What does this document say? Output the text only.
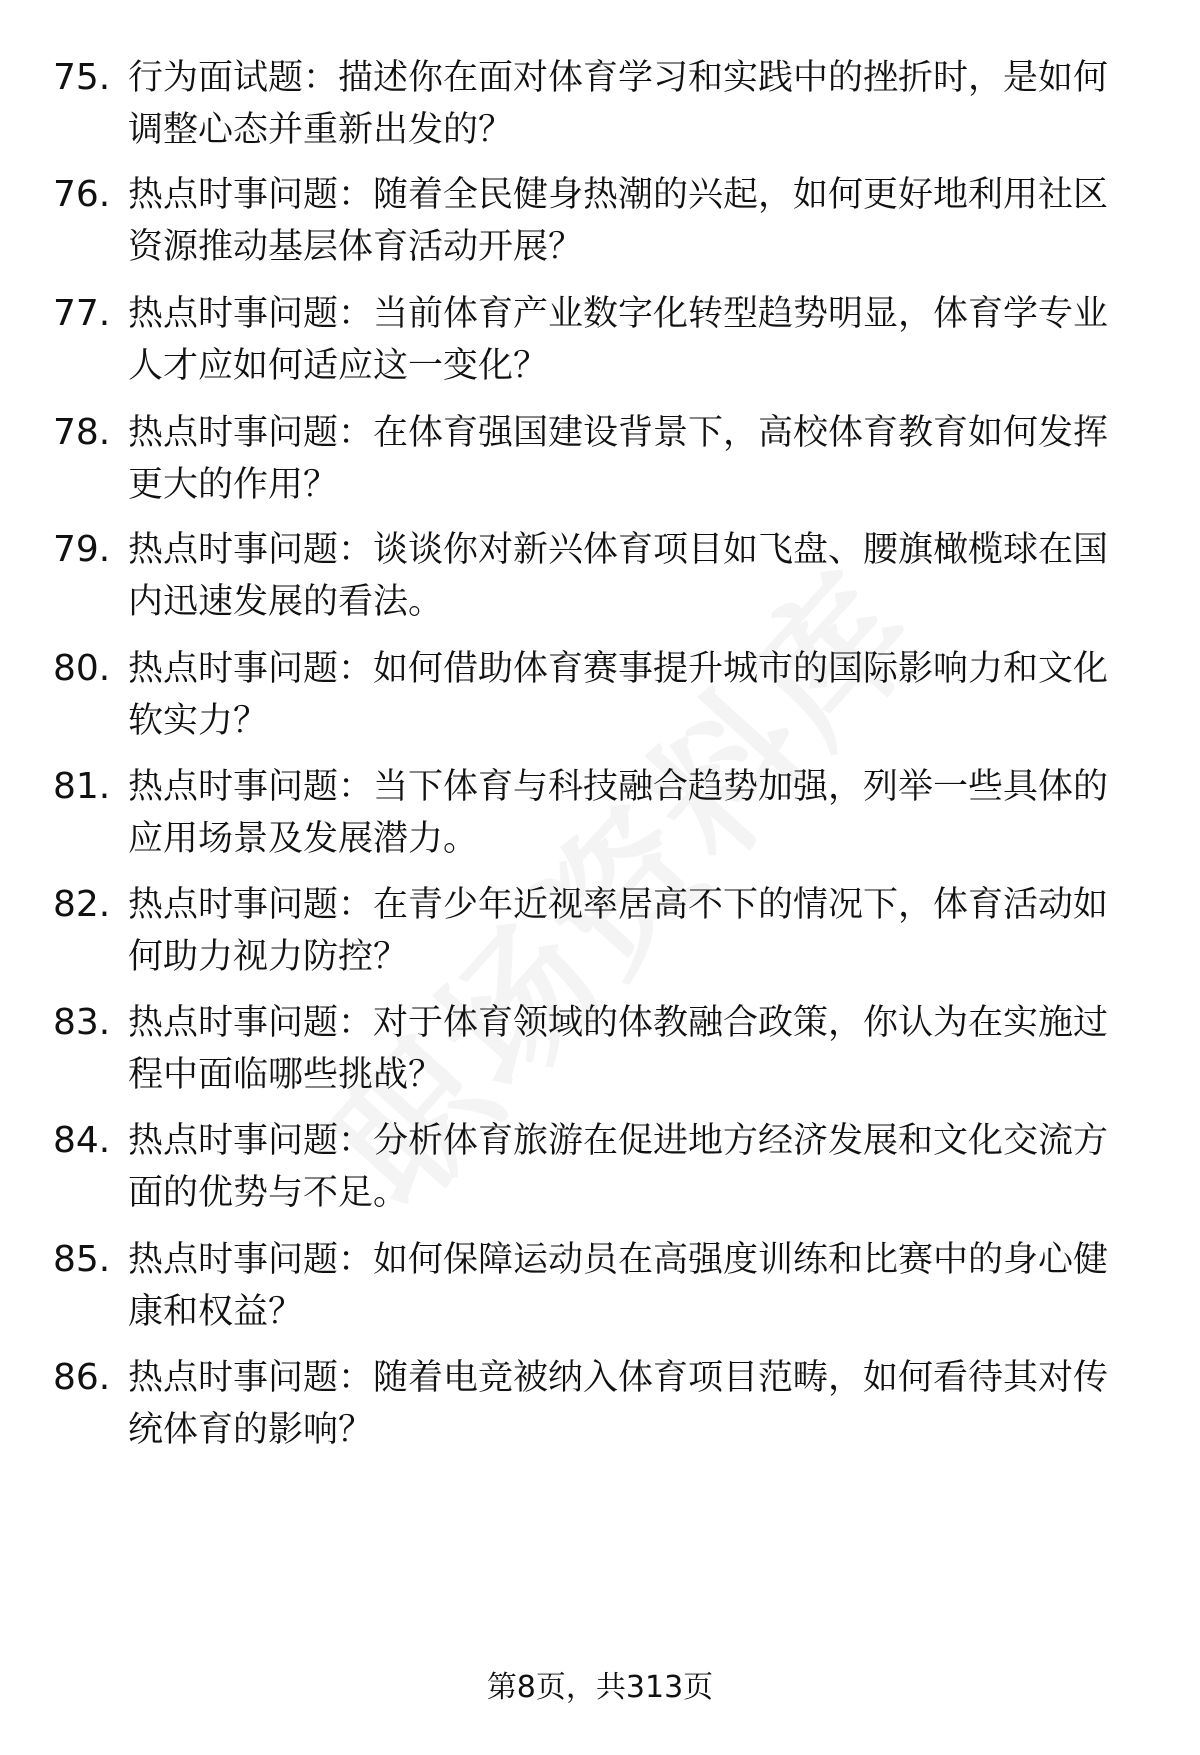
75. 行为面试题：描述你在面对体育学习和实践中的挫折时，是如何调整心态并重新出发的？
76. 热点时事问题：随着全民健身热潮的兴起，如何更好地利用社区资源推动基层体育活动开展？
77. 热点时事问题：当前体育产业数字化转型趋势明显，体育学专业人才应如何适应这一变化？
78. 热点时事问题：在体育强国建设背景下，高校体育教育如何发挥更大的作用？
79. 热点时事问题：谈谈你对新兴体育项目如飞盘、腰旗橄榄球在国内迅速发展的看法。
80. 热点时事问题：如何借助体育赛事提升城市的国际影响力和文化软实力？
81. 热点时事问题：当下体育与科技融合趋势加强，列举一些具体的应用场景及发展潜力。
82. 热点时事问题：在青少年近视率居高不下的情况下，体育活动如何助力视力防控？
83. 热点时事问题：对于体育领域的体教融合政策，你认为在实施过程中面临哪些挑战？
84. 热点时事问题：分析体育旅游在促进地方经济发展和文化交流方面的优势与不足。
85. 热点时事问题：如何保障运动员在高强度训练和比赛中的身心健康和权益？
86. 热点时事问题：随着电竞被纳入体育项目范畴，如何看待其对传统体育的影响？
第8页，共313页
